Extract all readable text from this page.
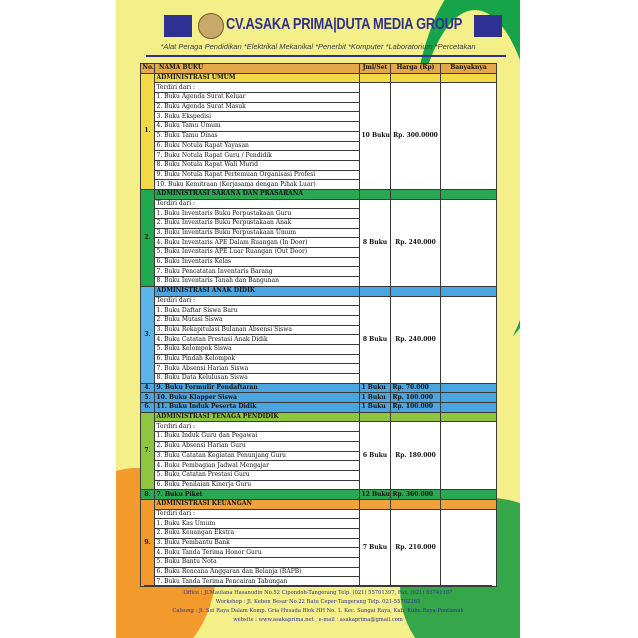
CV.ASAKA PRIMA|DUTA MEDIA GROUP
*Alat Peraga Pendidikan *Elektrikal Mekanikal *Penerbit *Komputer *Laboratorium *Percetakan
No.	NAMA BUKU	Jml/Set	Harga (Rp)	Banyaknya
1.	ADMINISTRASI UMUM			
	Terdiri dari :	10 Buku	Rp. 300.0000	
	1. Buku Agenda Surat Keluar			
	2. Buku Agenda Surat Masuk			
	3. Buku Ekspedisi			
	4. Buku Tamu Umum			
	5. Buku Tamu Dinas			
	6. Buku Notula Rapat Yayasan			
	7. Buku Notula Rapat Guru / Pendidik			
	8. Buku Notula Rapat Wali Murid			
	9. Buku Notula Rapat Pertemuan Organisasi Profesi			
	10. Buku Kemitraan (Kerjasama dengan Pihak Luar)			
2.	ADMINISTRASI SARANA DAN PRASARANA			
	Terdiri dari :	8 Buku	Rp. 240.000	
	1. Buku Inventaris Buku Perpustakaan Guru			
	2. Buku Inventaris Buku Perpustakaan Anak			
	3. Buku Inventaris Buku Perpustakaan Umum			
	4. Buku Inventaris APE Dalam Ruangan (In Door)			
	5. Buku Inventaris APE Luar Ruangan (Out Door)			
	6. Buku Inventaris Kelas			
	7. Buku Pencatatan Inventaris Barang			
	8. Buku Inventaris Tanah dan Bangunan			
3.	ADMINISTRASI ANAK DIDIK			
	Terdiri dari :	8 Buku	Rp. 240.000	
	1. Buku Daftar Siswa Baru			
	2. Buku Mutasi Siswa			
	3. Buku Rekapitulasi Bulanan Absensi Siswa			
	4. Buku Catatan Prestasi Anak Didik			
	5. Buku Kelompok Siswa			
	6. Buku Pindah Kelompok			
	7. Buku Absensi Harian Siswa			
	8. Buku Data Kelulusan Siswa			
4.	9. Buku Formulir Pendaftaran	1 Buku	Rp. 70.000	
5.	10. Buku Klapper Siswa	1 Buku	Rp. 100.000	
6.	11. Buku Induk Peserta Didik	1 Buku	Rp. 100.000	
7.	ADMINISTRASI TENAGA PENDIDIK			
	Terdiri dari :	6 Buku	Rp. 180.000	
	1. Buku Induk Guru dan Pegawai			
	2. Buku Absensi Harian Guru			
	3. Buku Catatan Kegiatan Penunjang Guru			
	4. Buku Pembagian Jadwal Mengajar			
	5. Buku Catatan Prestasi Guru			
	6. Buku Penilaian Kinerja Guru			
8.	7. Buku Piket	12 Buku	Rp. 360.000	
9.	ADMINISTRASI KEUANGAN			
	Terdiri dari :	7 Buku	Rp. 210.000	
	1. Buku Kas Umum			
	2. Buku Keuangan Ekstra			
	3. Buku Pembantu Bank			
	4. Buku Tanda Terima Honor Guru			
	5. Buku Bantu Nota			
	6. Buku Rencana Anggaran dan Belanja (RAPB)			
	7. Buku Tanda Terima Pencairan Tabungan			
Office : Jl.Maulana Hasanudin No.52 Cipondoh-Tangerang Telp. (021) 55701397, Fax. (021) 55741107
Workshop : Jl. Kebon Besar No.22 Batu Ceper-Tangerang Telp. 021-55702265
Calsung : Jl. Sui Raya Dalam Komp. Gria Husada Blok HH No. 1. Kec. Sungai Raya, Kab. Kubu Raya-Pontianak
website : www.asakaprima.net , e-mail : asakaprima@gmail.com
